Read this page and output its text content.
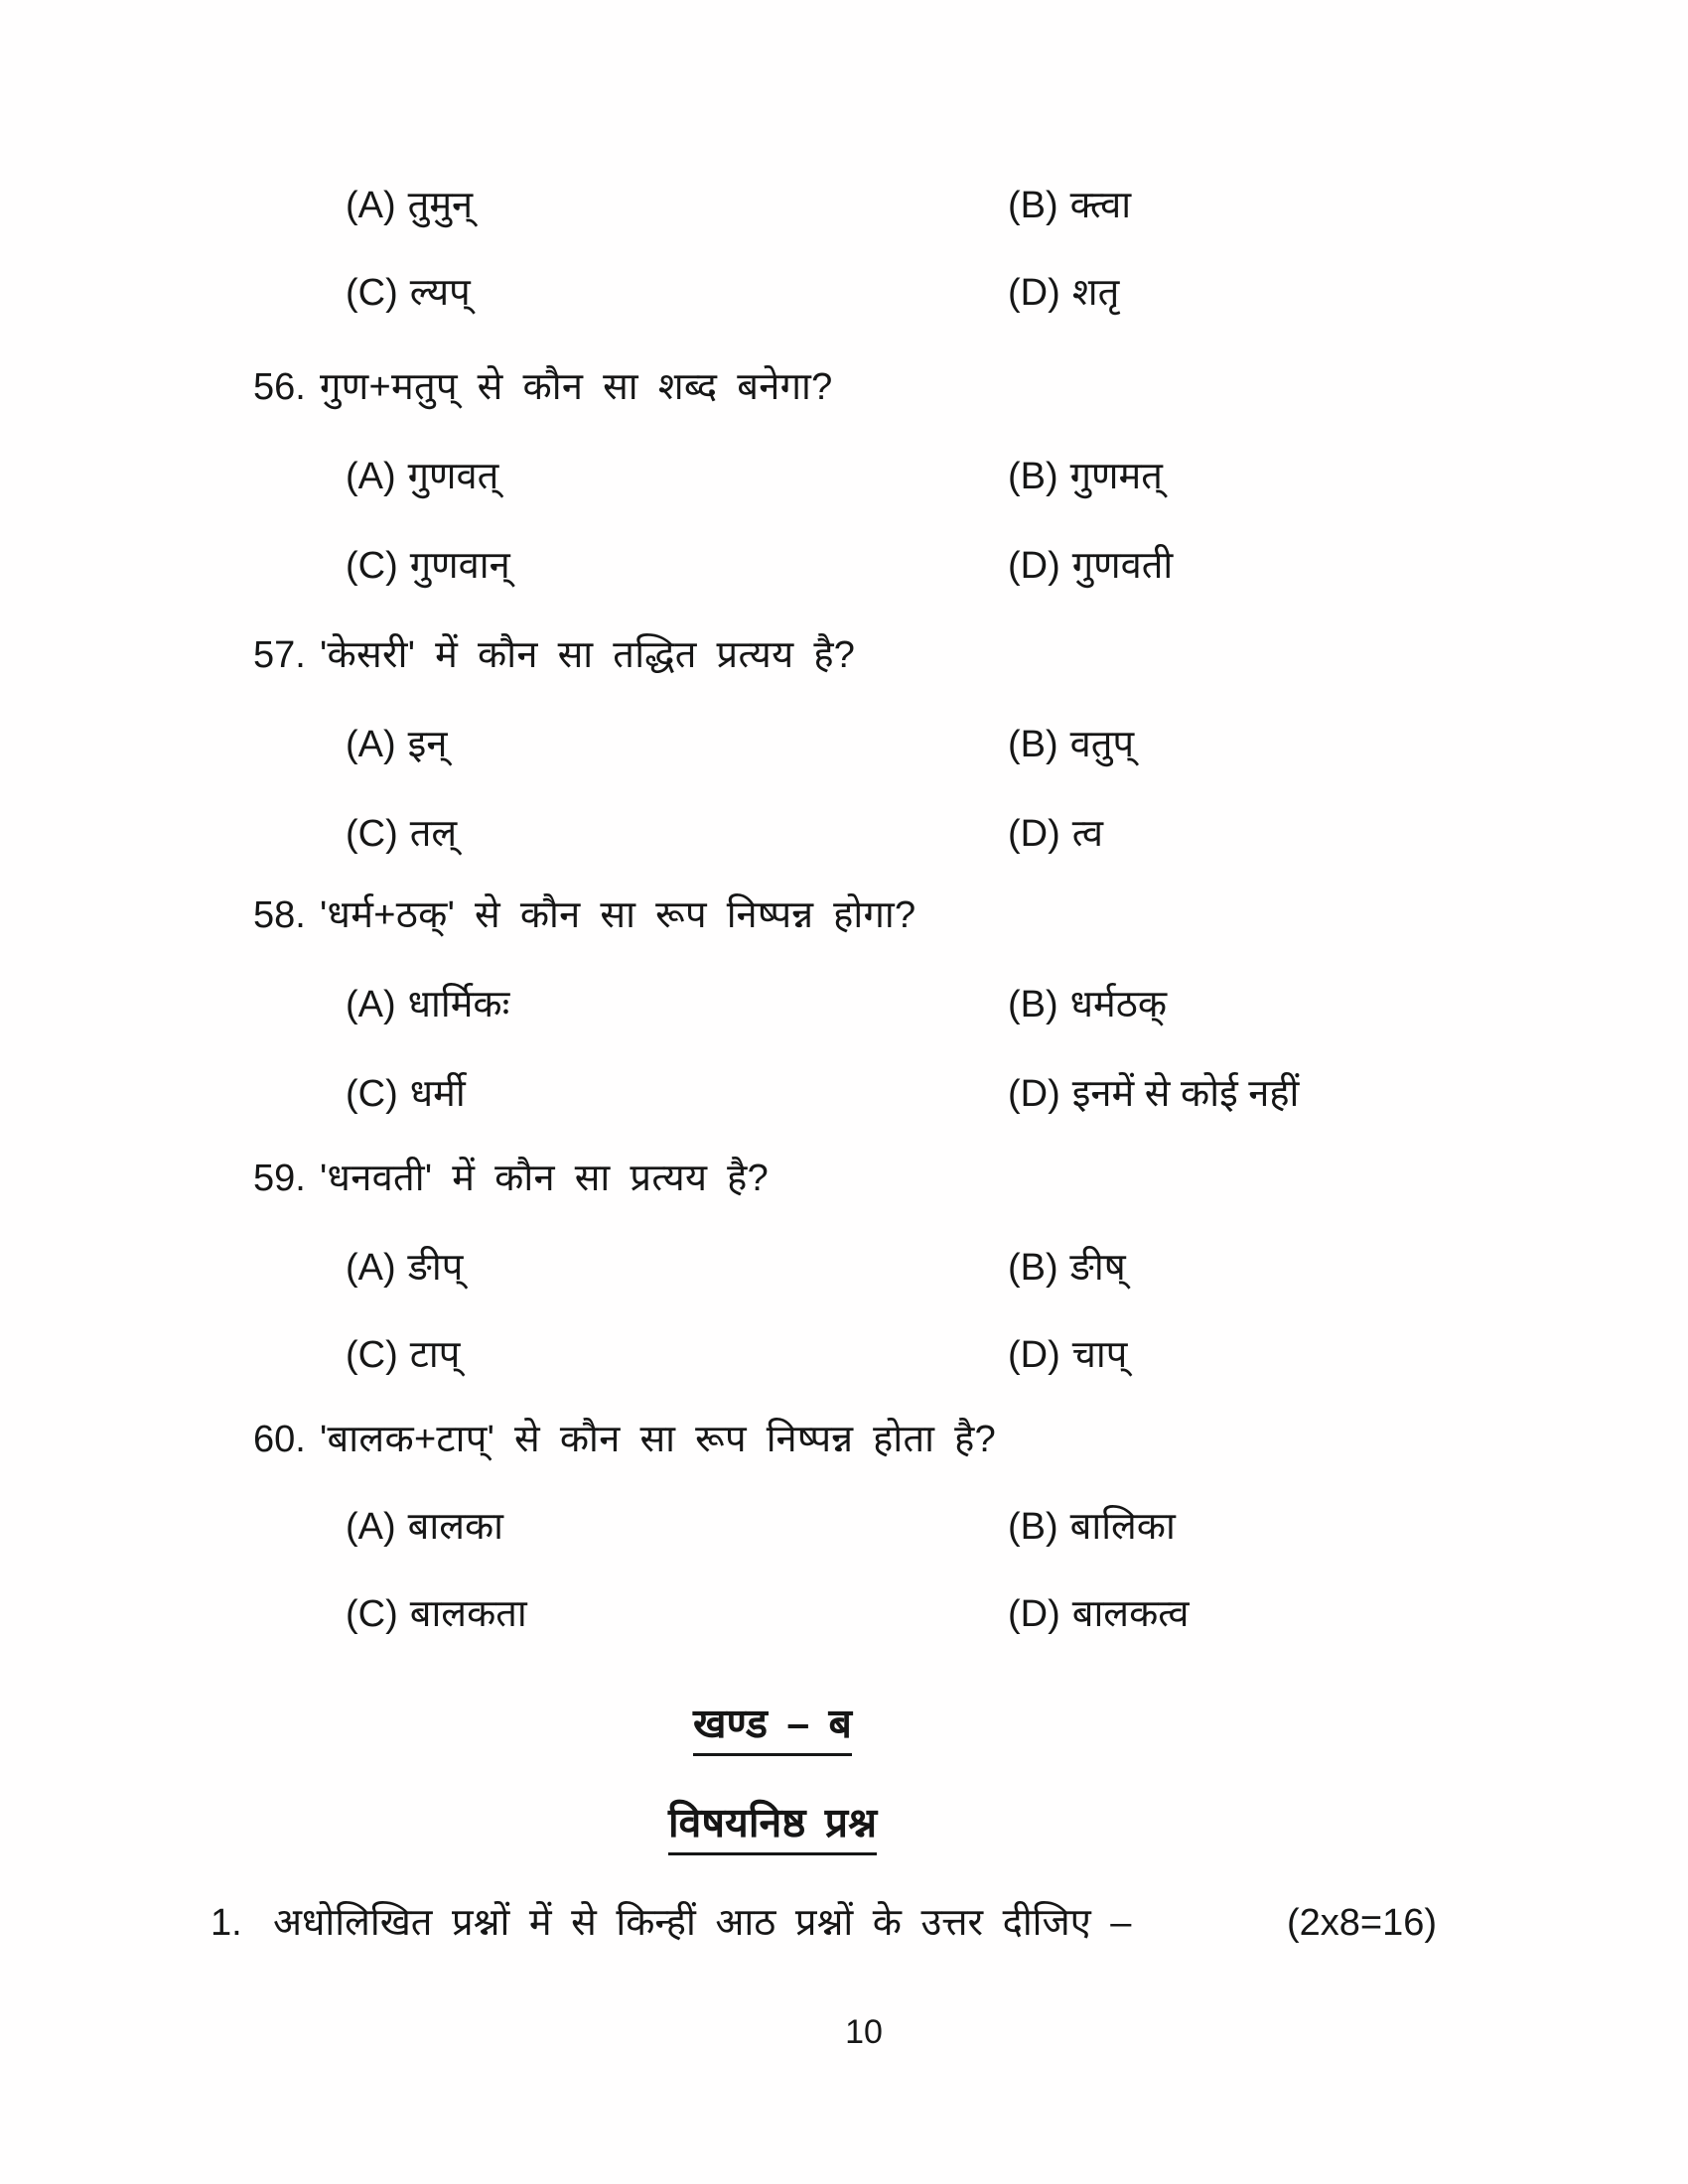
(A) तुमुन्	(B) क्त्वा
(C) ल्यप्	(D) शतृ
56. गुण+मतुप् से कौन सा शब्द बनेगा?
(A) गुणवत्	(B) गुणमत्
(C) गुणवान्	(D) गुणवती
57. 'केसरी' में कौन सा तद्धित प्रत्यय है?
(A) इन्	(B) वतुप्
(C) तल्	(D) त्व
58. 'धर्म+ठक्' से कौन सा रूप निष्पन्न होगा?
(A) धार्मिकः	(B) धर्मठक्
(C) धर्मी	(D) इनमें से कोई नहीं
59. 'धनवती' में कौन सा प्रत्यय है?
(A) ङीप्	(B) ङीष्
(C) टाप्	(D) चाप्
60. 'बालक+टाप्' से कौन सा रूप निष्पन्न होता है?
(A) बालका	(B) बालिका
(C) बालकता	(D) बालकत्व
खण्ड – ब
विषयनिष्ठ प्रश्न
1. अधोलिखित प्रश्नों में से किन्हीं आठ प्रश्नों के उत्तर दीजिए –	(2x8=16)
10
